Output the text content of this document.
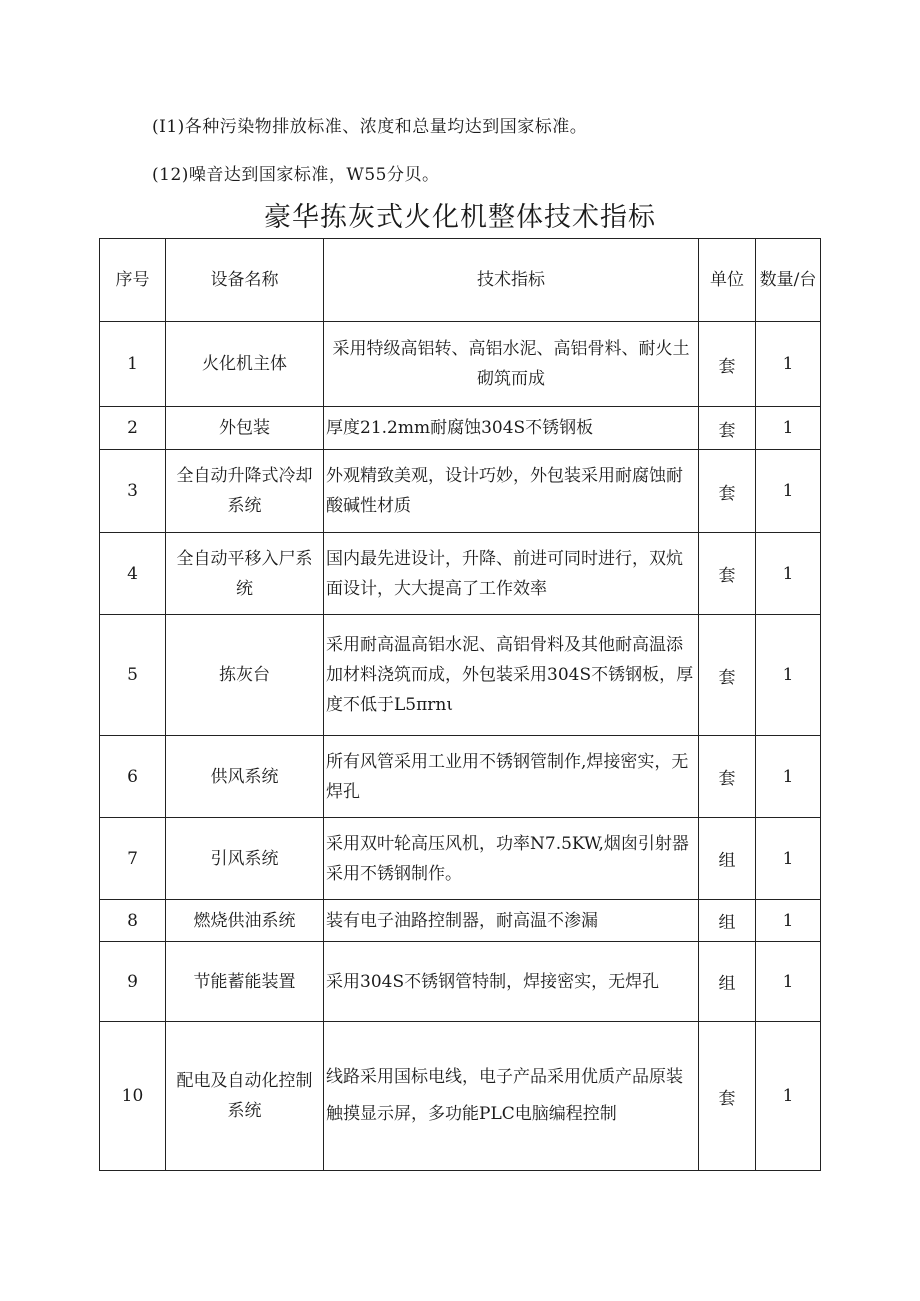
(I1)各种污染物排放标准、浓度和总量均达到国家标准。
(12)噪音达到国家标准，W55分贝。
豪华拣灰式火化机整体技术指标
序号	设备名称	技术指标	单位	数量/台
1	火化机主体	采用特级高铝转、高铝水泥、高铝骨料、耐火土砌筑而成	套	1
2	外包装	厚度21.2mm耐腐蚀304S不锈钢板	套	1
3	全自动升降式冷却系统	外观精致美观，设计巧妙，外包装采用耐腐蚀耐酸碱性材质	套	1
4	全自动平移入尸系统	国内最先进设计，升降、前进可同时进行，双炕面设计，大大提高了工作效率	套	1
5	拣灰台	采用耐高温高铝水泥、高铝骨料及其他耐高温添加材料浇筑而成，外包装采用304S不锈钢板，厚度不低于L5πrnι	套	1
6	供风系统	所有风管采用工业用不锈钢管制作,焊接密实，无焊孔	套	1
7	引风系统	采用双叶轮高压风机，功率N7.5KW,烟囱引射器采用不锈钢制作。	组	1
8	燃烧供油系统	装有电子油路控制器，耐高温不渗漏	组	1
9	节能蓄能装置	采用304S不锈钢管特制，焊接密实，无焊孔	组	1
10	配电及自动化控制系统	线路采用国标电线，电子产品采用优质产品原装触摸显示屏，多功能PLC电脑编程控制	套	1
